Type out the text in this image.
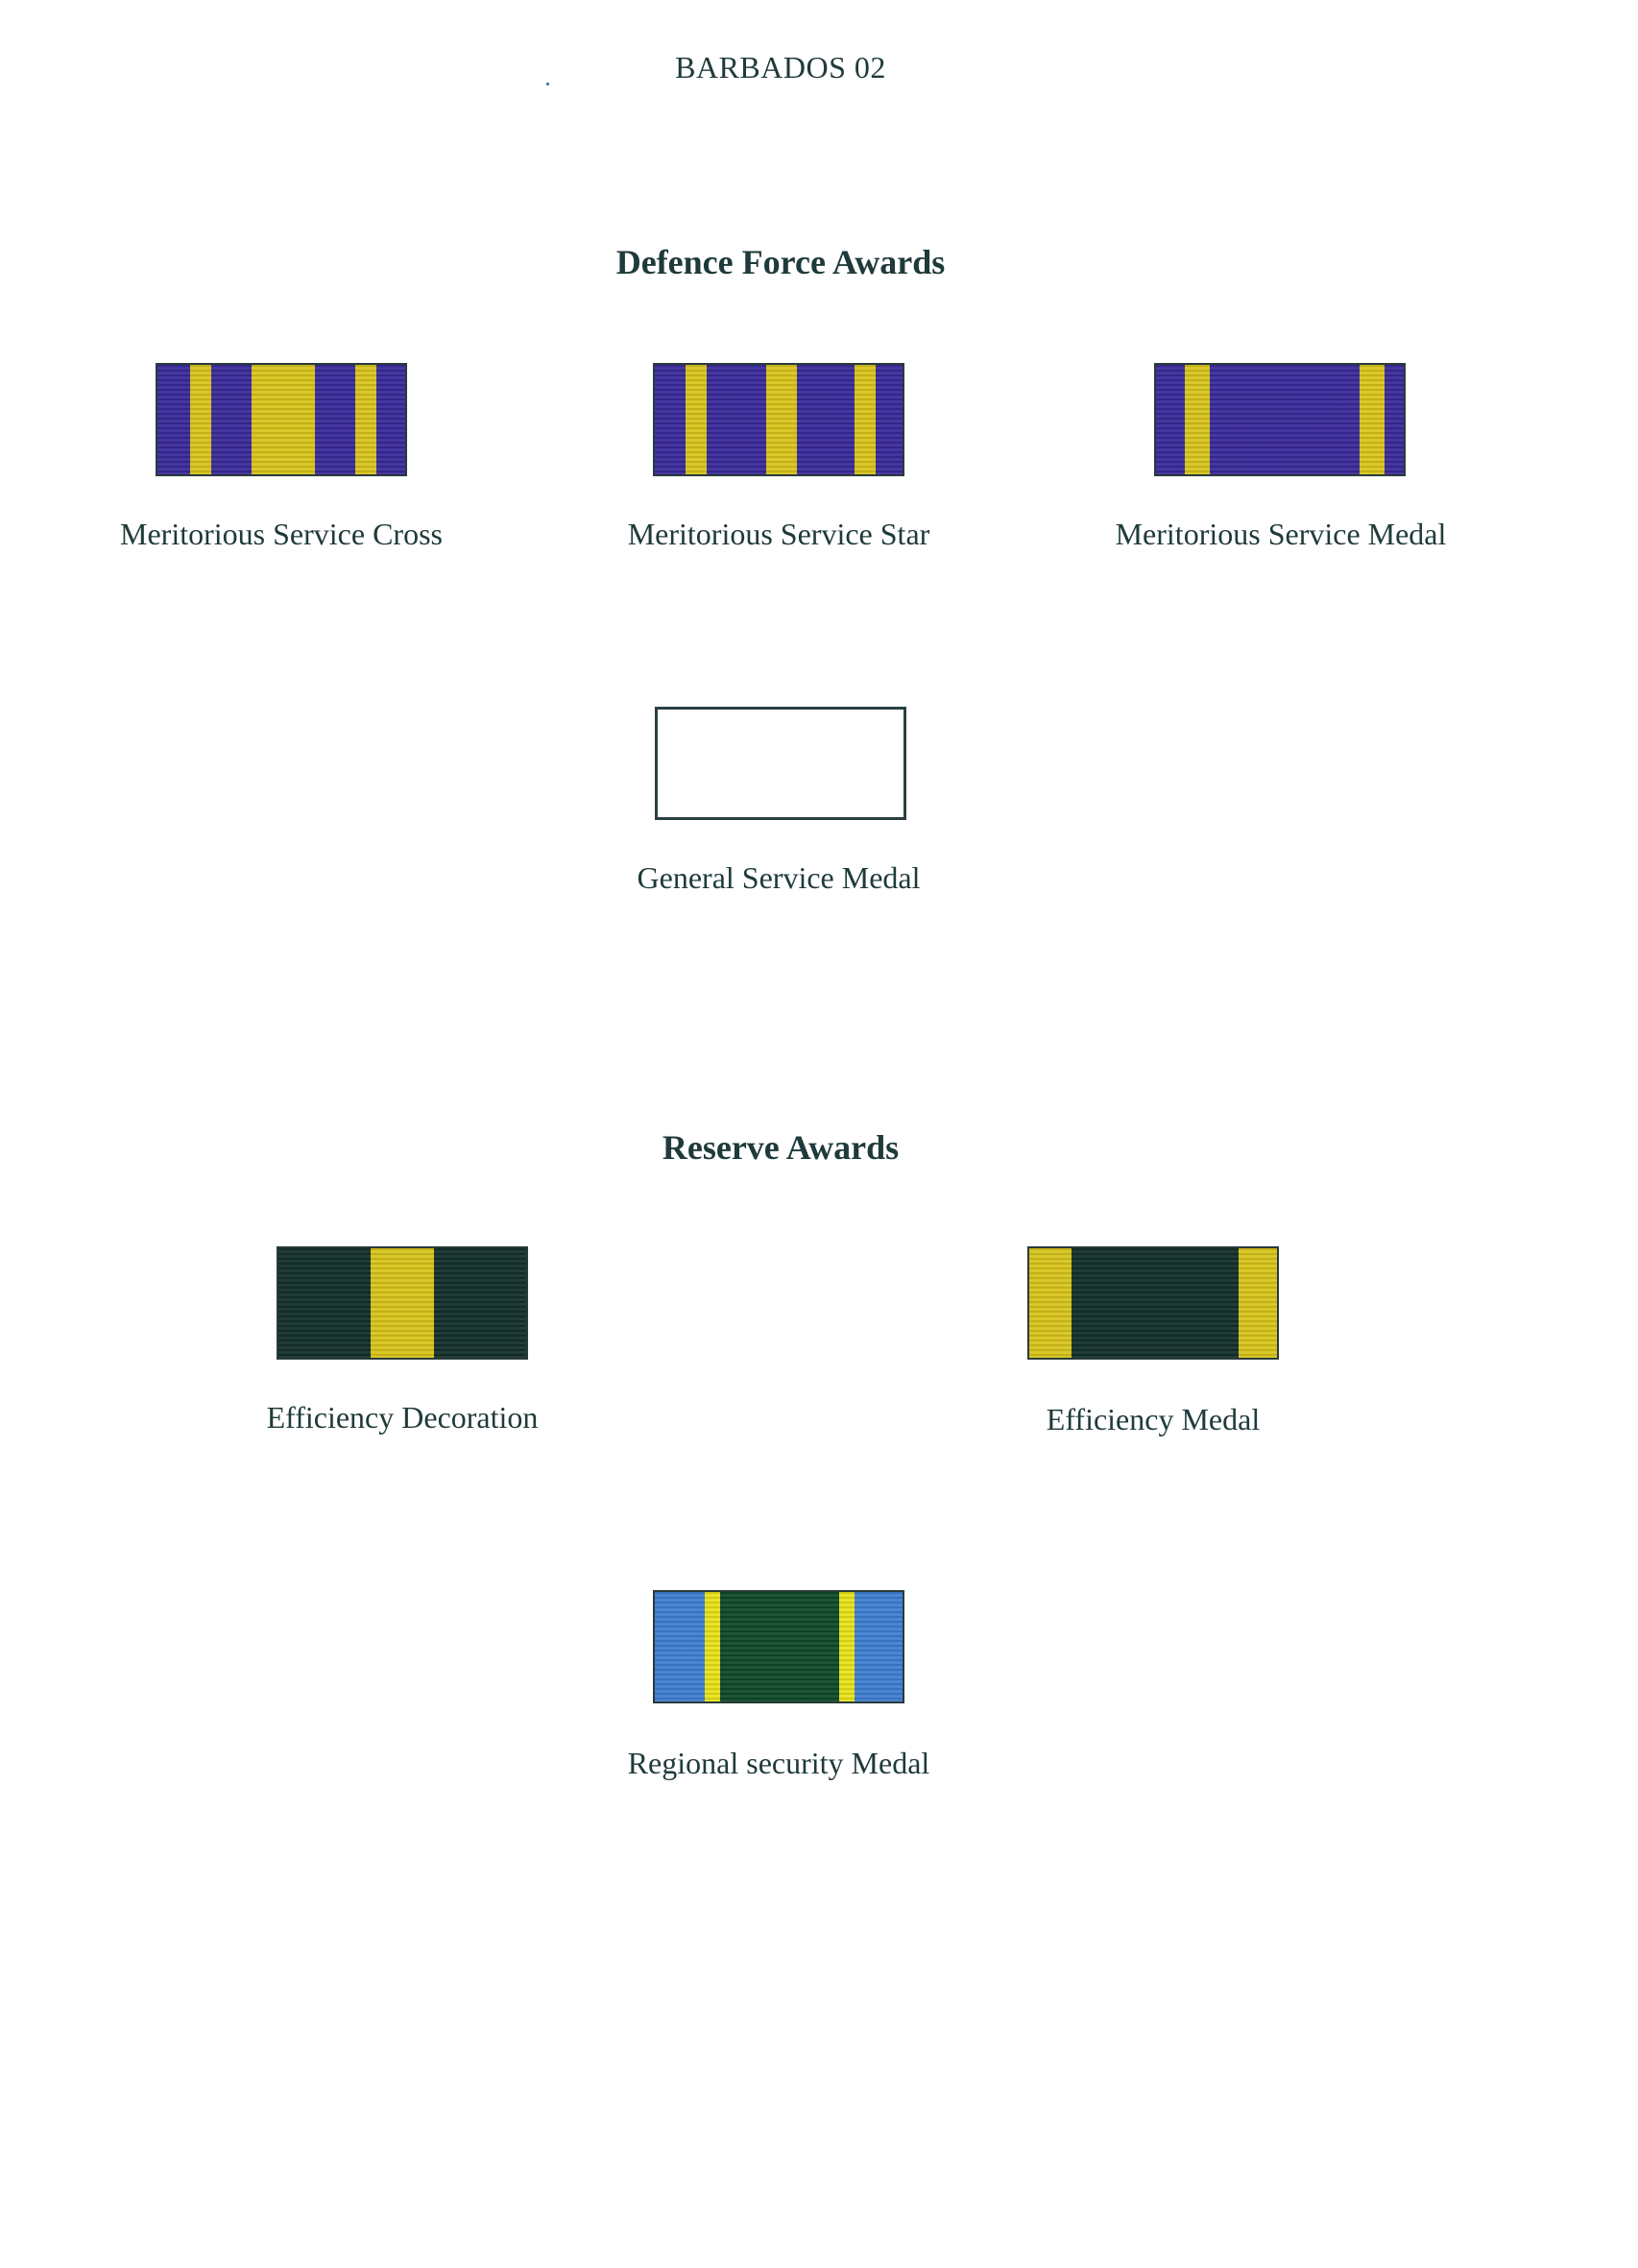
BARBADOS 02
Defence Force Awards
Meritorious Service Cross	Meritorious Service Star	Meritorious Service Medal
General Service Medal
Reserve Awards
Efficiency Decoration	Efficiency Medal
Regional security Medal
